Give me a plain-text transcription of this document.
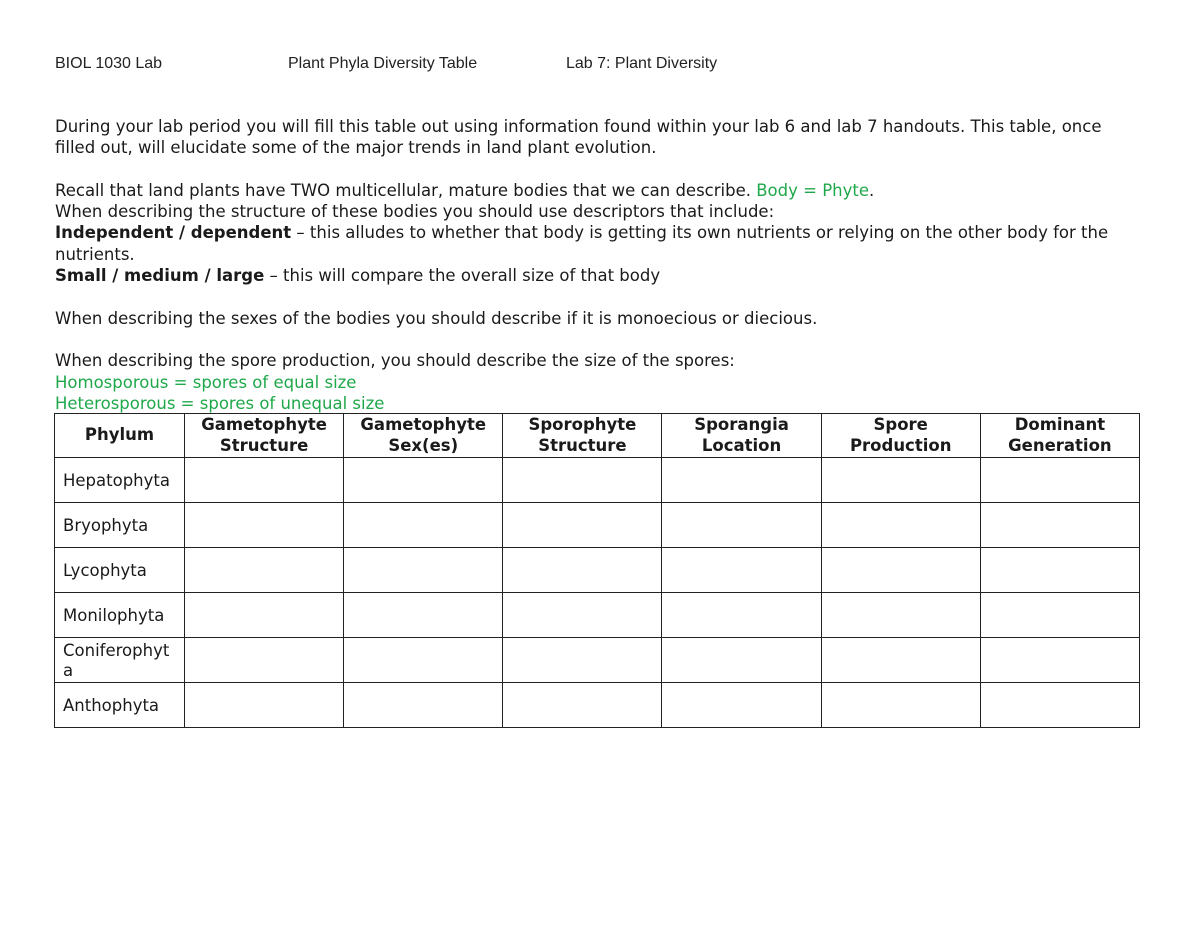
BIOL 1030 Lab	Plant Phyla Diversity Table	Lab 7: Plant Diversity

During your lab period you will fill this table out using information found within your lab 6 and lab 7 handouts. This table, once filled out, will elucidate some of the major trends in land plant evolution.

Recall that land plants have TWO multicellular, mature bodies that we can describe. Body = Phyte.

When describing the structure of these bodies you should use descriptors that include:

Independent / dependent – this alludes to whether that body is getting its own nutrients or relying on the other body for the nutrients.

Small / medium / large – this will compare the overall size of that body

When describing the sexes of the bodies you should describe if it is monoecious or diecious.

When describing the spore production, you should describe the size of the spores:

Homosporous = spores of equal size

Heterosporous = spores of unequal size

Phylum	Gametophyte Structure	Gametophyte Sex(es)	Sporophyte Structure	Sporangia Location	Spore Production	Dominant Generation
Hepatophyta						
Bryophyta						
Lycophyta						
Monilophyta						
Coniferophyta						
Anthophyta						
